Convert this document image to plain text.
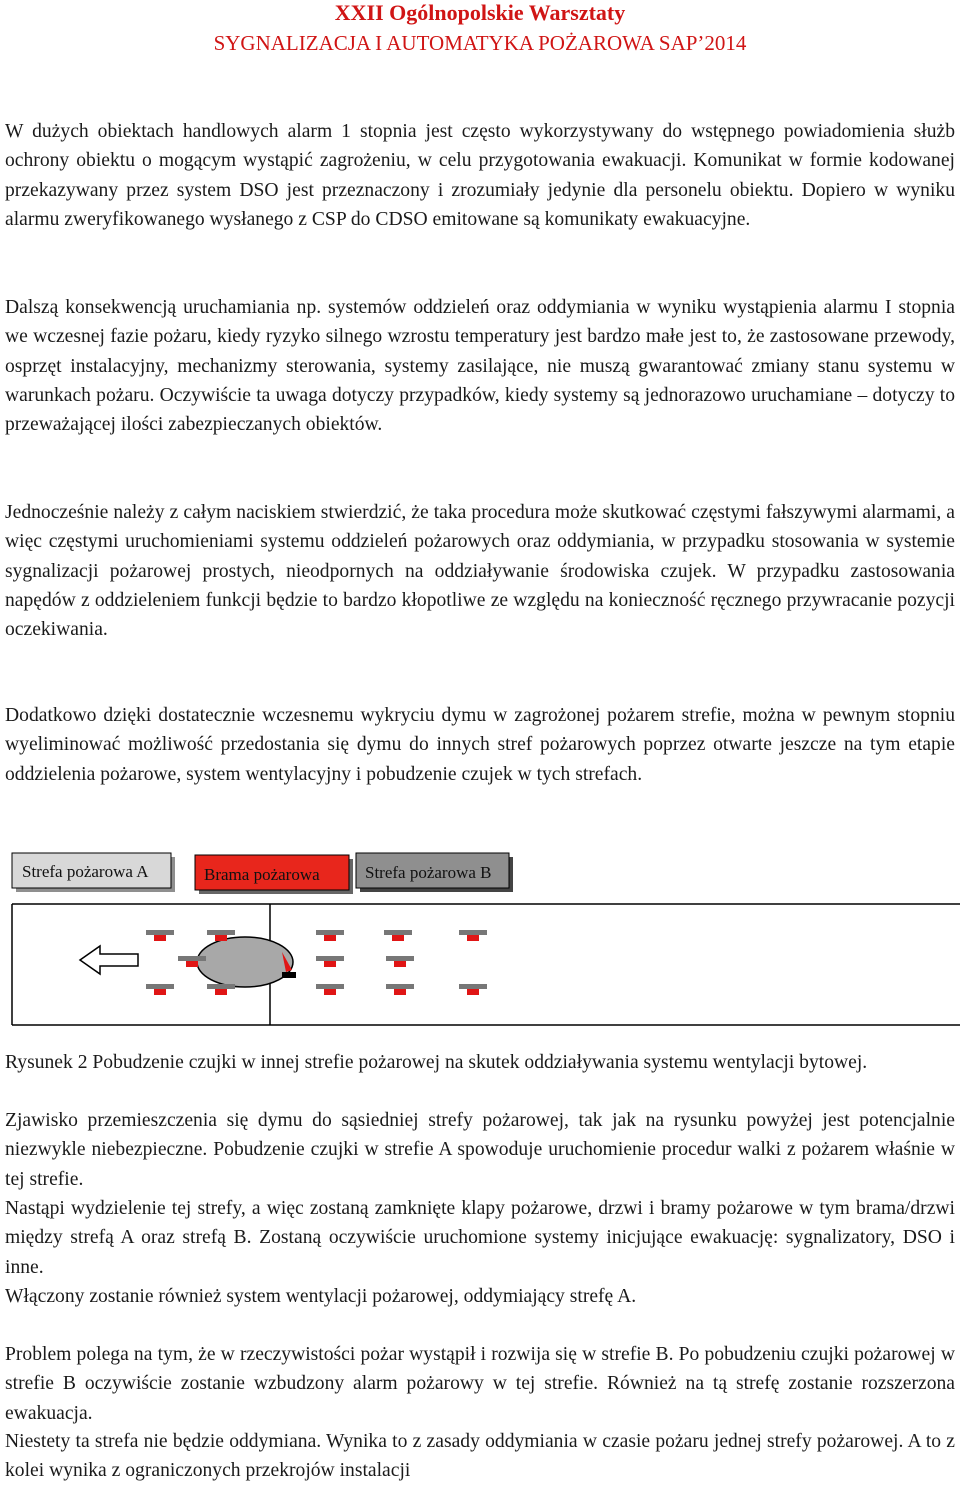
XXII Ogólnopolskie Warsztaty
SYGNALIZACJA I AUTOMATYKA POŻAROWA SAP’2014
W dużych obiektach handlowych alarm 1 stopnia jest często wykorzystywany do wstępnego powiadomienia służb ochrony obiektu o mogącym wystąpić zagrożeniu, w celu przygotowania ewakuacji. Komunikat w formie kodowanej przekazywany przez system DSO jest przeznaczony i zrozumiały jedynie dla personelu obiektu. Dopiero w wyniku alarmu zweryfikowanego wysłanego z CSP do CDSO emitowane są komunikaty ewakuacyjne.
Dalszą konsekwencją uruchamiania np. systemów oddzieleń oraz oddymiania w wyniku wystąpienia alarmu I stopnia we wczesnej fazie pożaru, kiedy ryzyko silnego wzrostu temperatury jest bardzo małe jest to, że zastosowane przewody, osprzęt instalacyjny, mechanizmy sterowania, systemy zasilające, nie muszą gwarantować zmiany stanu systemu w warunkach pożaru. Oczywiście ta uwaga dotyczy przypadków, kiedy systemy są jednorazowo uruchamiane – dotyczy to przeważającej ilości zabezpieczanych obiektów.
Jednocześnie należy z całym naciskiem stwierdzić, że taka procedura może skutkować częstymi fałszywymi alarmami, a więc częstymi uruchomieniami systemu oddzieleń pożarowych oraz oddymiania, w przypadku stosowania w systemie sygnalizacji pożarowej prostych, nieodpornych na oddziaływanie środowiska czujek. W przypadku zastosowania napędów z oddzieleniem funkcji będzie to bardzo kłopotliwe ze względu na konieczność ręcznego przywracanie pozycji oczekiwania.
Dodatkowo dzięki dostatecznie wczesnemu wykryciu dymu w zagrożonej pożarem strefie, można w pewnym stopniu wyeliminować możliwość przedostania się dymu do innych stref pożarowych poprzez otwarte jeszcze na tym etapie oddzielenia pożarowe, system wentylacyjny i pobudzenie czujek w tych strefach.
Strefa pożarowa A	Brama pożarowa	Strefa pożarowa B
Rysunek 2 Pobudzenie czujki w innej strefie pożarowej na skutek oddziaływania systemu wentylacji bytowej.
Zjawisko przemieszczenia się dymu do sąsiedniej strefy pożarowej, tak jak na rysunku powyżej jest potencjalnie niezwykle niebezpieczne. Pobudzenie czujki w strefie A spowoduje uruchomienie procedur walki z pożarem właśnie w tej strefie.
Nastąpi wydzielenie tej strefy, a więc zostaną zamknięte klapy pożarowe, drzwi i bramy pożarowe w tym brama/drzwi między strefą A oraz strefą B. Zostaną oczywiście uruchomione systemy inicjujące ewakuację: sygnalizatory, DSO i inne.
Włączony zostanie również system wentylacji pożarowej, oddymiający strefę A.
Problem polega na tym, że w rzeczywistości pożar wystąpił i rozwija się w strefie B. Po pobudzeniu czujki pożarowej w strefie B oczywiście zostanie wzbudzony alarm pożarowy w tej strefie. Również na tą strefę zostanie rozszerzona ewakuacja.
Niestety ta strefa nie będzie oddymiana. Wynika to z zasady oddymiania w czasie pożaru jednej strefy pożarowej. A to z kolei wynika z ograniczonych przekrojów instalacji
